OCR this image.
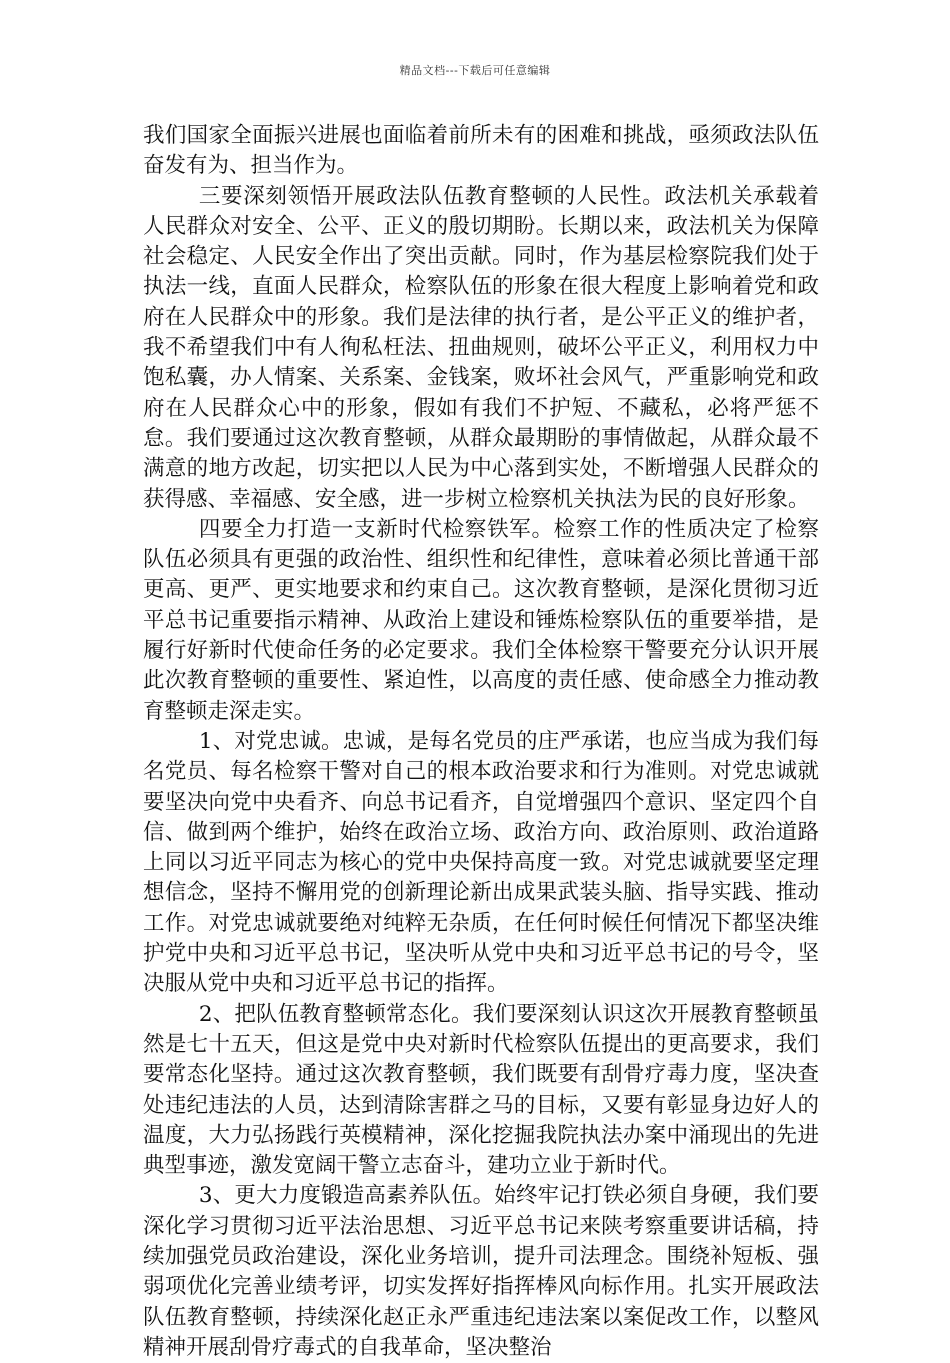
精品文档---下载后可任意编辑

我们国家全面振兴进展也面临着前所未有的困难和挑战，亟须政法队伍奋发有为、担当作为。

三要深刻领悟开展政法队伍教育整顿的人民性。政法机关承载着人民群众对安全、公平、正义的殷切期盼。长期以来，政法机关为保障社会稳定、人民安全作出了突出贡献。同时，作为基层检察院我们处于执法一线，直面人民群众，检察队伍的形象在很大程度上影响着党和政府在人民群众中的形象。我们是法律的执行者，是公平正义的维护者，我不希望我们中有人徇私枉法、扭曲规则，破坏公平正义，利用权力中饱私囊，办人情案、关系案、金钱案，败坏社会风气，严重影响党和政府在人民群众心中的形象，假如有我们不护短、不藏私，必将严惩不怠。我们要通过这次教育整顿，从群众最期盼的事情做起，从群众最不满意的地方改起，切实把以人民为中心落到实处，不断增强人民群众的获得感、幸福感、安全感，进一步树立检察机关执法为民的良好形象。

四要全力打造一支新时代检察铁军。检察工作的性质决定了检察队伍必须具有更强的政治性、组织性和纪律性，意味着必须比普通干部更高、更严、更实地要求和约束自己。这次教育整顿，是深化贯彻习近平总书记重要指示精神、从政治上建设和锤炼检察队伍的重要举措，是履行好新时代使命任务的必定要求。我们全体检察干警要充分认识开展此次教育整顿的重要性、紧迫性，以高度的责任感、使命感全力推动教育整顿走深走实。

1、对党忠诚。忠诚，是每名党员的庄严承诺，也应当成为我们每名党员、每名检察干警对自己的根本政治要求和行为准则。对党忠诚就要坚决向党中央看齐、向总书记看齐，自觉增强四个意识、坚定四个自信、做到两个维护，始终在政治立场、政治方向、政治原则、政治道路上同以习近平同志为核心的党中央保持高度一致。对党忠诚就要坚定理想信念，坚持不懈用党的创新理论新出成果武装头脑、指导实践、推动工作。对党忠诚就要绝对纯粹无杂质，在任何时候任何情况下都坚决维护党中央和习近平总书记，坚决听从党中央和习近平总书记的号令，坚决服从党中央和习近平总书记的指挥。

2、把队伍教育整顿常态化。我们要深刻认识这次开展教育整顿虽然是七十五天，但这是党中央对新时代检察队伍提出的更高要求，我们要常态化坚持。通过这次教育整顿，我们既要有刮骨疗毒力度，坚决查处违纪违法的人员，达到清除害群之马的目标，又要有彰显身边好人的温度，大力弘扬践行英模精神，深化挖掘我院执法办案中涌现出的先进典型事迹，激发宽阔干警立志奋斗，建功立业于新时代。

3、更大力度锻造高素养队伍。始终牢记打铁必须自身硬，我们要深化学习贯彻习近平法治思想、习近平总书记来陕考察重要讲话稿，持续加强党员政治建设，深化业务培训，提升司法理念。围绕补短板、强弱项优化完善业绩考评，切实发挥好指挥棒风向标作用。扎实开展政法队伍教育整顿，持续深化赵正永严重违纪违法案以案促改工作，以整风精神开展刮骨疗毒式的自我革命，坚决整治
